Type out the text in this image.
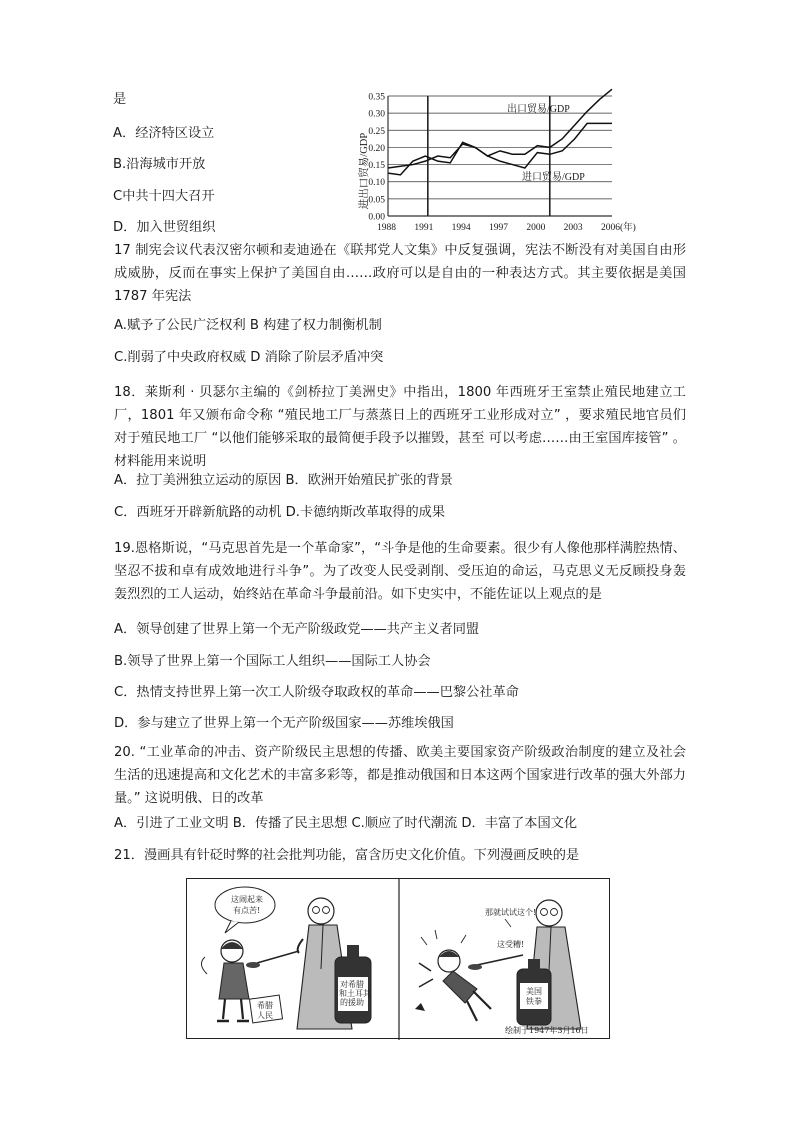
是
A．经济特区设立
B.沿海城市开放
C中共十四大召开
D．加入世贸组织
0.00
0.05
0.10
0.15
0.20
0.25
0.30
0.35
1988 1991 1994 1997 2000 2003 2006(年)
进出口贸易/GDP
出口贸易/GDP
进口贸易/GDP
17 制宪会议代表汉密尔顿和麦迪逊在《联邦党人文集》中反复强调，宪法不断没有对美国自由形成威胁，反而在事实上保护了美国自由……政府可以是自由的一种表达方式。其主要依据是美国 1787 年宪法
A.赋予了公民广泛权利 B 构建了权力制衡机制
C.削弱了中央政府权威 D 消除了阶层矛盾冲突
18．莱斯利 · 贝瑟尔主编的《剑桥拉丁美洲史》中指出，1800 年西班牙王室禁止殖民地建立工厂，1801 年又颁布命令称 “殖民地工厂与蒸蒸日上的西班牙工业形成对立” ，要求殖民地官员们对于殖民地工厂 “以他们能够采取的最简便手段予以摧毁，甚至 可以考虑……由王室国库接管” 。材料能用来说明
A．拉丁美洲独立运动的原因 B．欧洲开始殖民扩张的背景
C．西班牙开辟新航路的动机 D.卡德纳斯改革取得的成果
19.恩格斯说，“马克思首先是一个革命家”，“斗争是他的生命要素。很少有人像他那样满腔热情、坚忍不拔和卓有成效地进行斗争”。为了改变人民受剥削、受压迫的命运，马克思义无反顾投身轰轰烈烈的工人运动，始终站在革命斗争最前沿。如下史实中，不能佐证以上观点的是
A．领导创建了世界上第一个无产阶级政党——共产主义者同盟
B.领导了世界上第一个国际工人组织——国际工人协会
C．热情支持世界上第一次工人阶级夺取政权的革命——巴黎公社革命
D．参与建立了世界上第一个无产阶级国家——苏维埃俄国
20. “工业革命的冲击、资产阶级民主思想的传播、欧美主要国家资产阶级政治制度的建立及社会生活的迅速提高和文化艺术的丰富多彩等，都是推动俄国和日本这两个国家进行改革的强大外部力量。” 这说明俄、日的改革
A．引进了工业文明 B．传播了民主思想 C.顺应了时代潮流 D．丰富了本国文化
21．漫画具有针砭时弊的社会批判功能，富含历史文化价值。下列漫画反映的是
这闹起来
有点苦!
希腊
人民
对希腊
和土耳其
的援助
那就试试这个!
这受糟!
美国
铁拳
绘制于1947年3月16日
